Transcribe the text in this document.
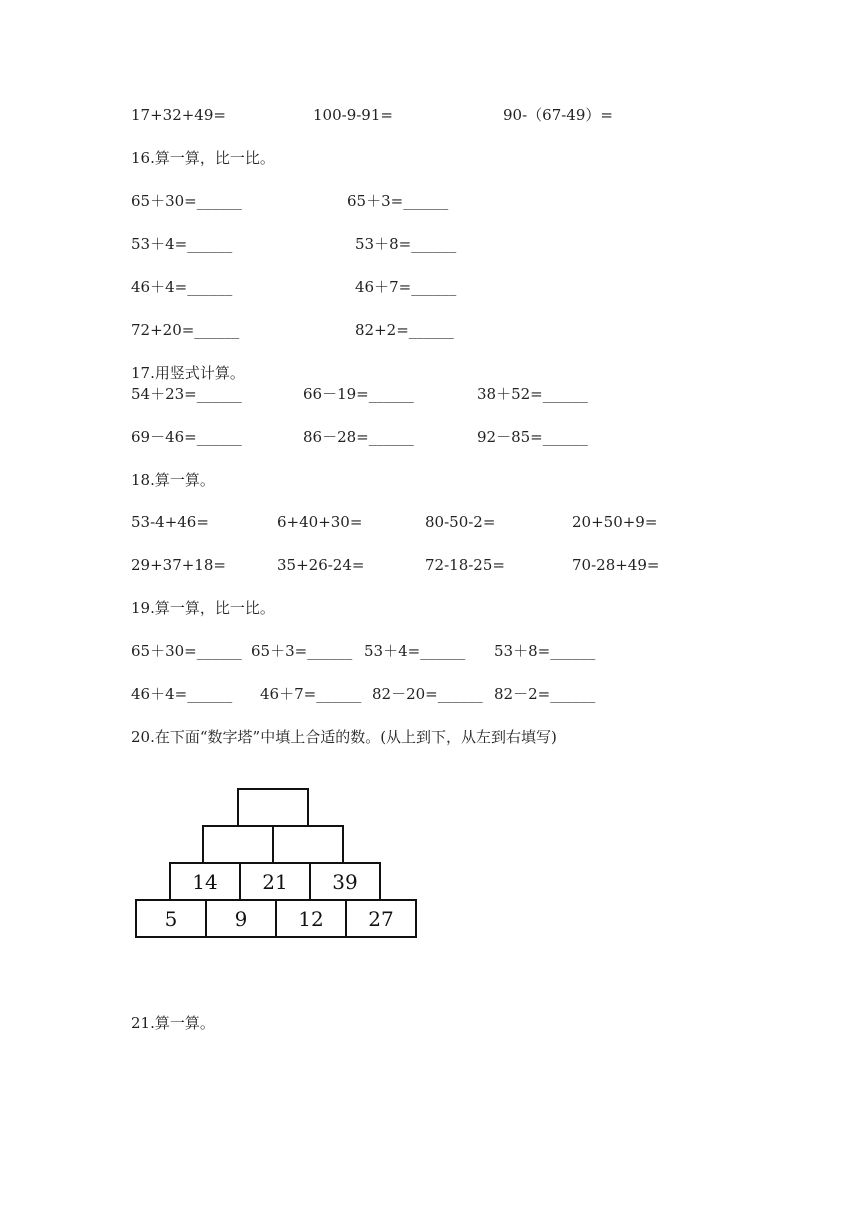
17+32+49=	100-9-91=	90-（67-49）=
16.算一算，比一比。
65＋30=______	65＋3=______
53＋4=______	53＋8=______
46＋4=______	46＋7=______
72+20=______	82+2=______
17.用竖式计算。
54＋23=______	66－19=______	38＋52=______
69－46=______	86－28=______	92－85=______
18.算一算。
53-4+46=	6+40+30=	80-50-2=	20+50+9=
29+37+18=	35+26-24=	72-18-25=	70-28+49=
19.算一算，比一比。
65＋30=______ 65＋3=______ 53＋4=______ 53＋8=______
46＋4=______ 46＋7=______ 82－20=______ 82－2=______
20.在下面“数字塔”中填上合适的数。(从上到下，从左到右填写)
14 21 39
5	9	12 27
21.算一算。
